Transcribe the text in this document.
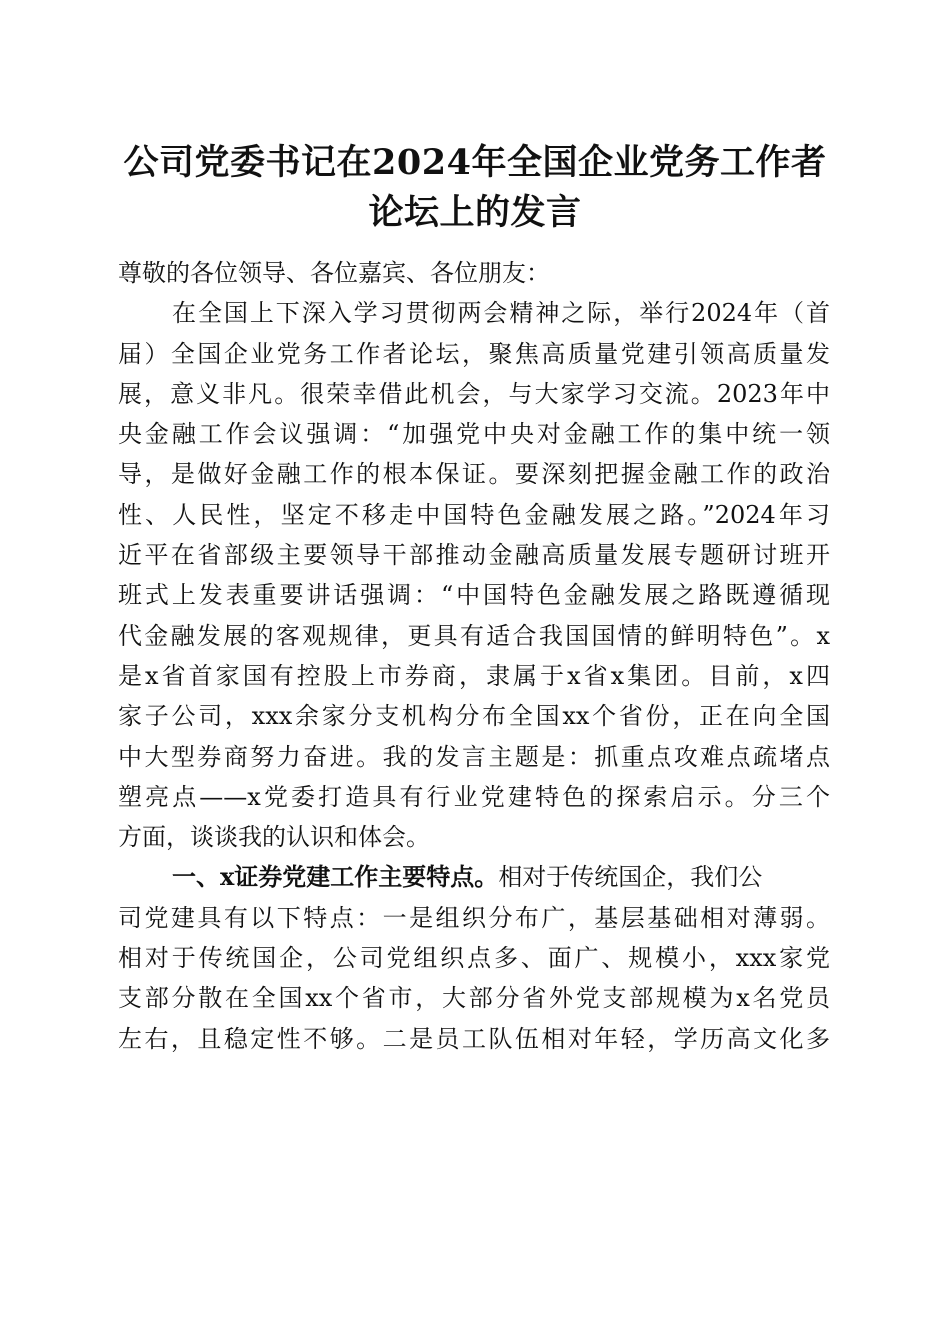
公司党委书记在2024年全国企业党务工作者
论坛上的发言
尊敬的各位领导、各位嘉宾、各位朋友：
在全国上下深入学习贯彻两会精神之际，举行2024年（首
届）全国企业党务工作者论坛，聚焦高质量党建引领高质量发
展，意义非凡。很荣幸借此机会，与大家学习交流。2023年中
央金融工作会议强调：“加强党中央对金融工作的集中统一领
导，是做好金融工作的根本保证。要深刻把握金融工作的政治
性、人民性，坚定不移走中国特色金融发展之路。”2024年习
近平在省部级主要领导干部推动金融高质量发展专题研讨班开
班式上发表重要讲话强调：“中国特色金融发展之路既遵循现
代金融发展的客观规律，更具有适合我国国情的鲜明特色”。x
是x省首家国有控股上市券商，隶属于x省x集团。目前，x四
家子公司，xxx余家分支机构分布全国xx个省份，正在向全国
中大型券商努力奋进。我的发言主题是：抓重点攻难点疏堵点
塑亮点——x党委打造具有行业党建特色的探索启示。分三个
方面，谈谈我的认识和体会。
一、x证券党建工作主要特点。相对于传统国企，我们公
司党建具有以下特点：一是组织分布广，基层基础相对薄弱。
相对于传统国企，公司党组织点多、面广、规模小，xxx家党
支部分散在全国xx个省市，大部分省外党支部规模为x名党员
左右，且稳定性不够。二是员工队伍相对年轻，学历高文化多
